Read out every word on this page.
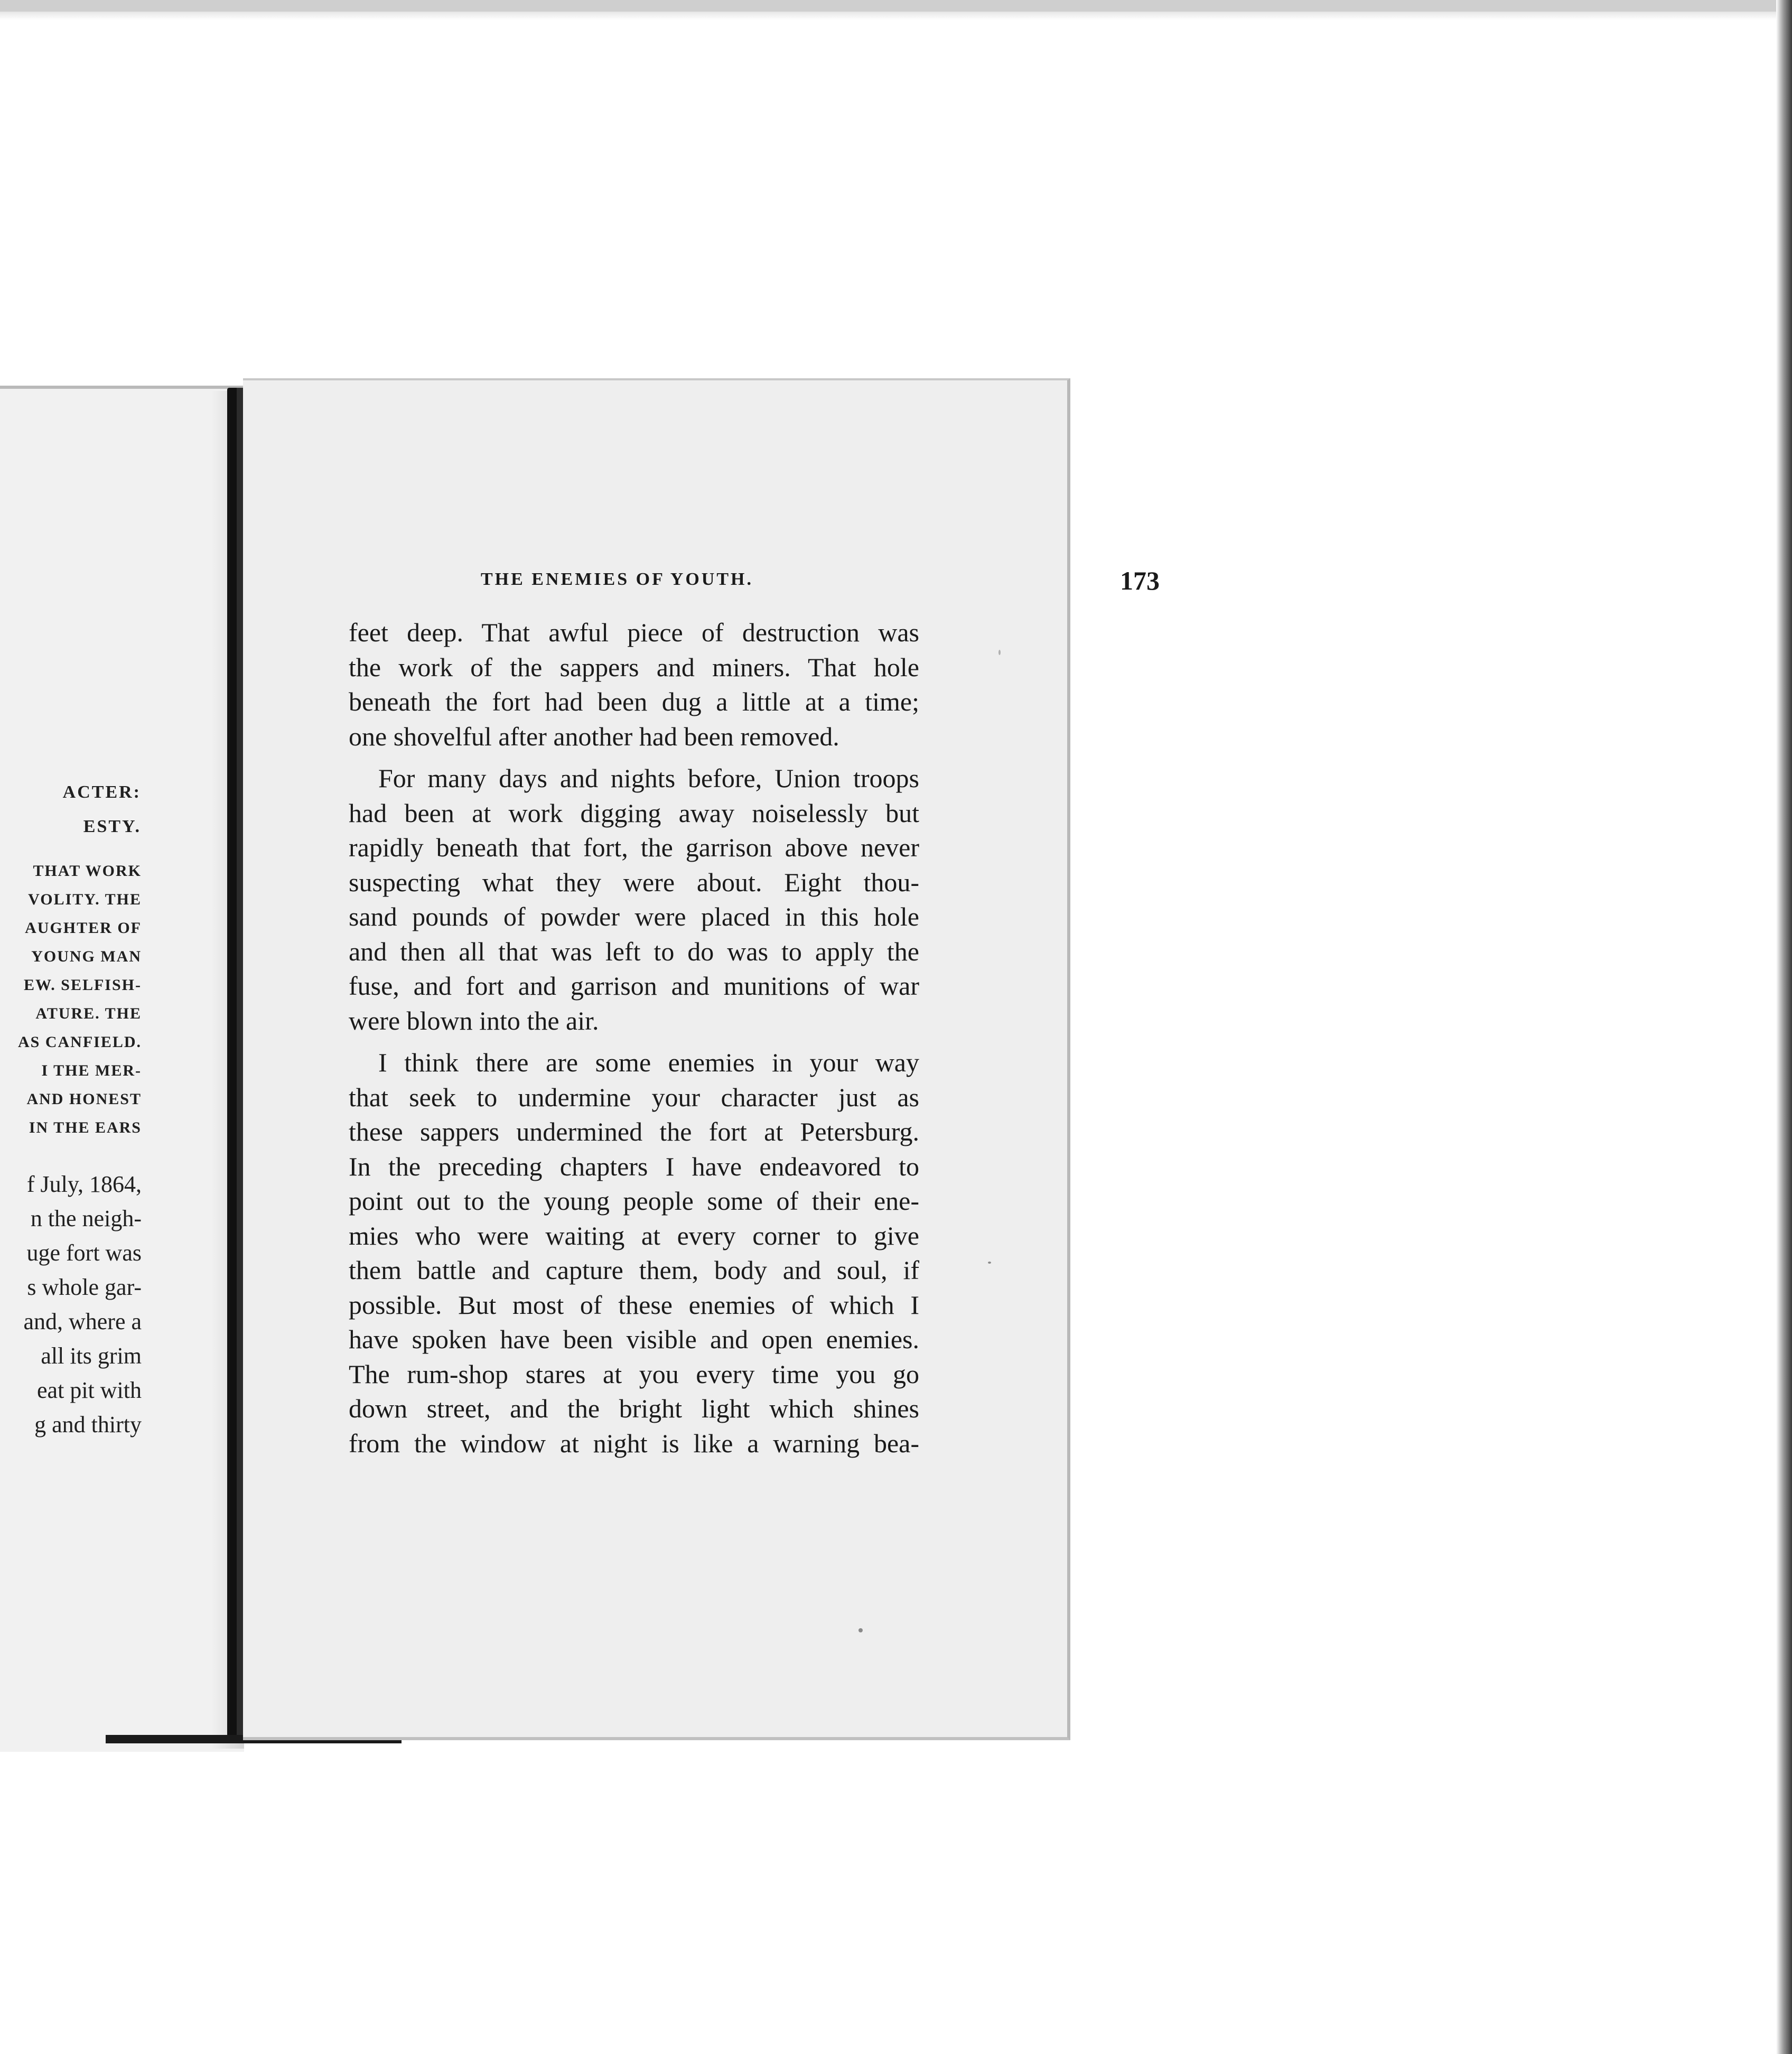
ACTER:
ESTY.
THAT WORK
VOLITY. THE
AUGHTER OF
YOUNG MAN
EW. SELFISH-
ATURE. THE
AS CANFIELD.
I THE MER-
AND HONEST
IN THE EARS
f July, 1864,
n the neigh-
uge fort was
s whole gar-
and, where a
all its grim
eat pit with
g and thirty
THE ENEMIES OF YOUTH.	173
feet deep. That awful piece of destruction was
the work of the sappers and miners. That hole
beneath the fort had been dug a little at a time;
one shovelful after another had been removed.
For many days and nights before, Union troops
had been at work digging away noiselessly but
rapidly beneath that fort, the garrison above never
suspecting what they were about. Eight thou-
sand pounds of powder were placed in this hole
and then all that was left to do was to apply the
fuse, and fort and garrison and munitions of war
were blown into the air.
I think there are some enemies in your way
that seek to undermine your character just as
these sappers undermined the fort at Petersburg.
In the preceding chapters I have endeavored to
point out to the young people some of their ene-
mies who were waiting at every corner to give
them battle and capture them, body and soul, if
possible. But most of these enemies of which I
have spoken have been visible and open enemies.
The rum-shop stares at you every time you go
down street, and the bright light which shines
from the window at night is like a warning bea-
